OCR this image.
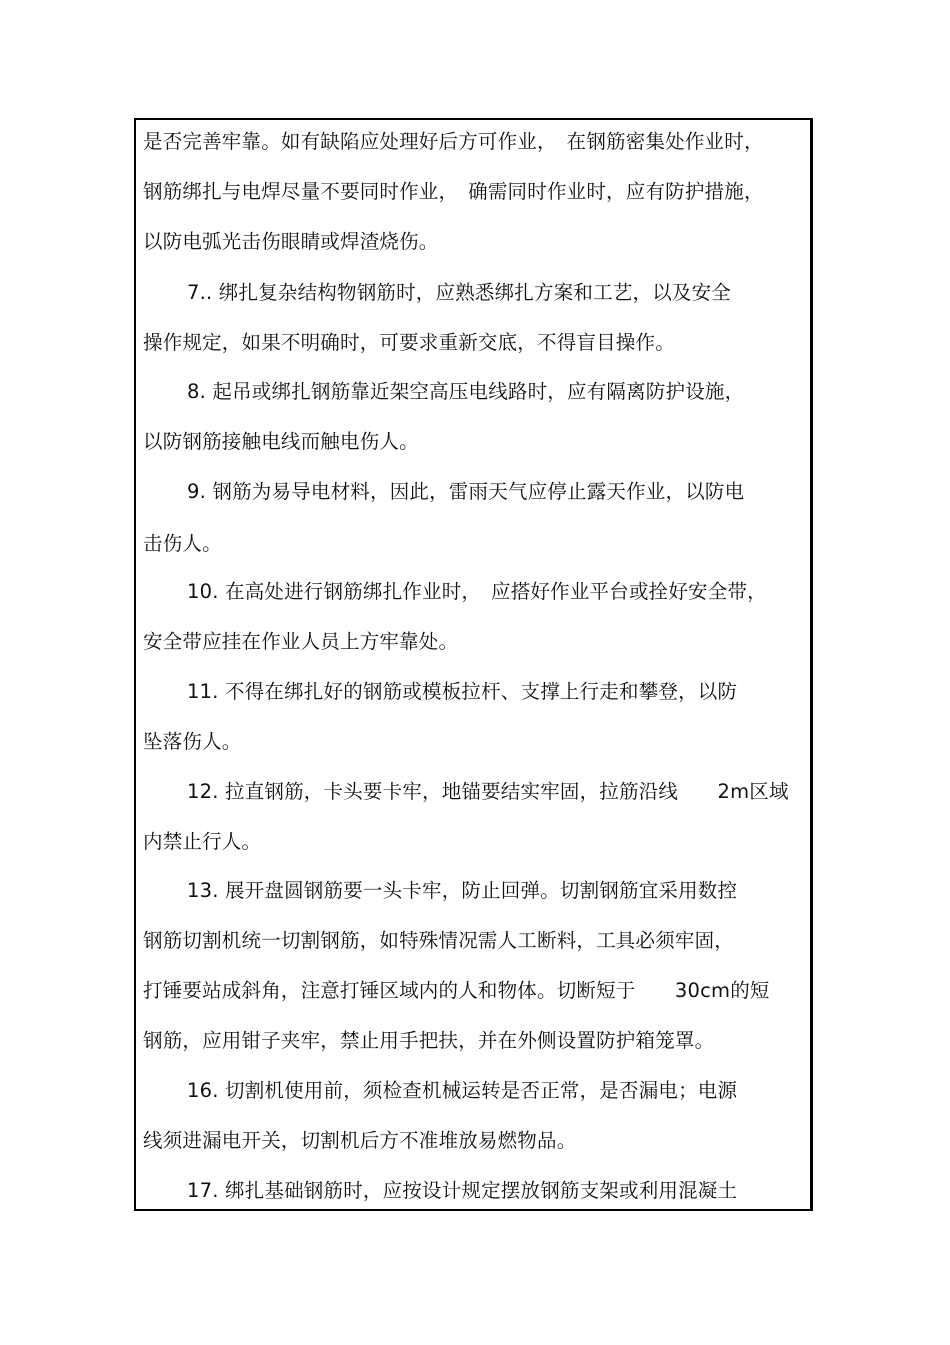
是否完善牢靠。如有缺陷应处理好后方可作业，　在钢筋密集处作业时，
钢筋绑扎与电焊尽量不要同时作业，　确需同时作业时，应有防护措施，
以防电弧光击伤眼睛或焊渣烧伤。
7.. 绑扎复杂结构物钢筋时，应熟悉绑扎方案和工艺，以及安全
操作规定，如果不明确时，可要求重新交底，不得盲目操作。
8. 起吊或绑扎钢筋靠近架空高压电线路时，应有隔离防护设施，
以防钢筋接触电线而触电伤人。
9. 钢筋为易导电材料，因此，雷雨天气应停止露天作业，以防电
击伤人。
10. 在高处进行钢筋绑扎作业时，　应搭好作业平台或拴好安全带，
安全带应挂在作业人员上方牢靠处。
11. 不得在绑扎好的钢筋或模板拉杆、支撑上行走和攀登，以防
坠落伤人。
12. 拉直钢筋，卡头要卡牢，地锚要结实牢固，拉筋沿线　　2m区域
内禁止行人。
13. 展开盘圆钢筋要一头卡牢，防止回弹。切割钢筋宜采用数控
钢筋切割机统一切割钢筋，如特殊情况需人工断料，工具必须牢固，
打锤要站成斜角，注意打锤区域内的人和物体。切断短于　　30cm的短
钢筋，应用钳子夹牢，禁止用手把扶，并在外侧设置防护箱笼罩。
16. 切割机使用前，须检查机械运转是否正常，是否漏电；电源
线须进漏电开关，切割机后方不准堆放易燃物品。
17. 绑扎基础钢筋时，应按设计规定摆放钢筋支架或利用混凝土
